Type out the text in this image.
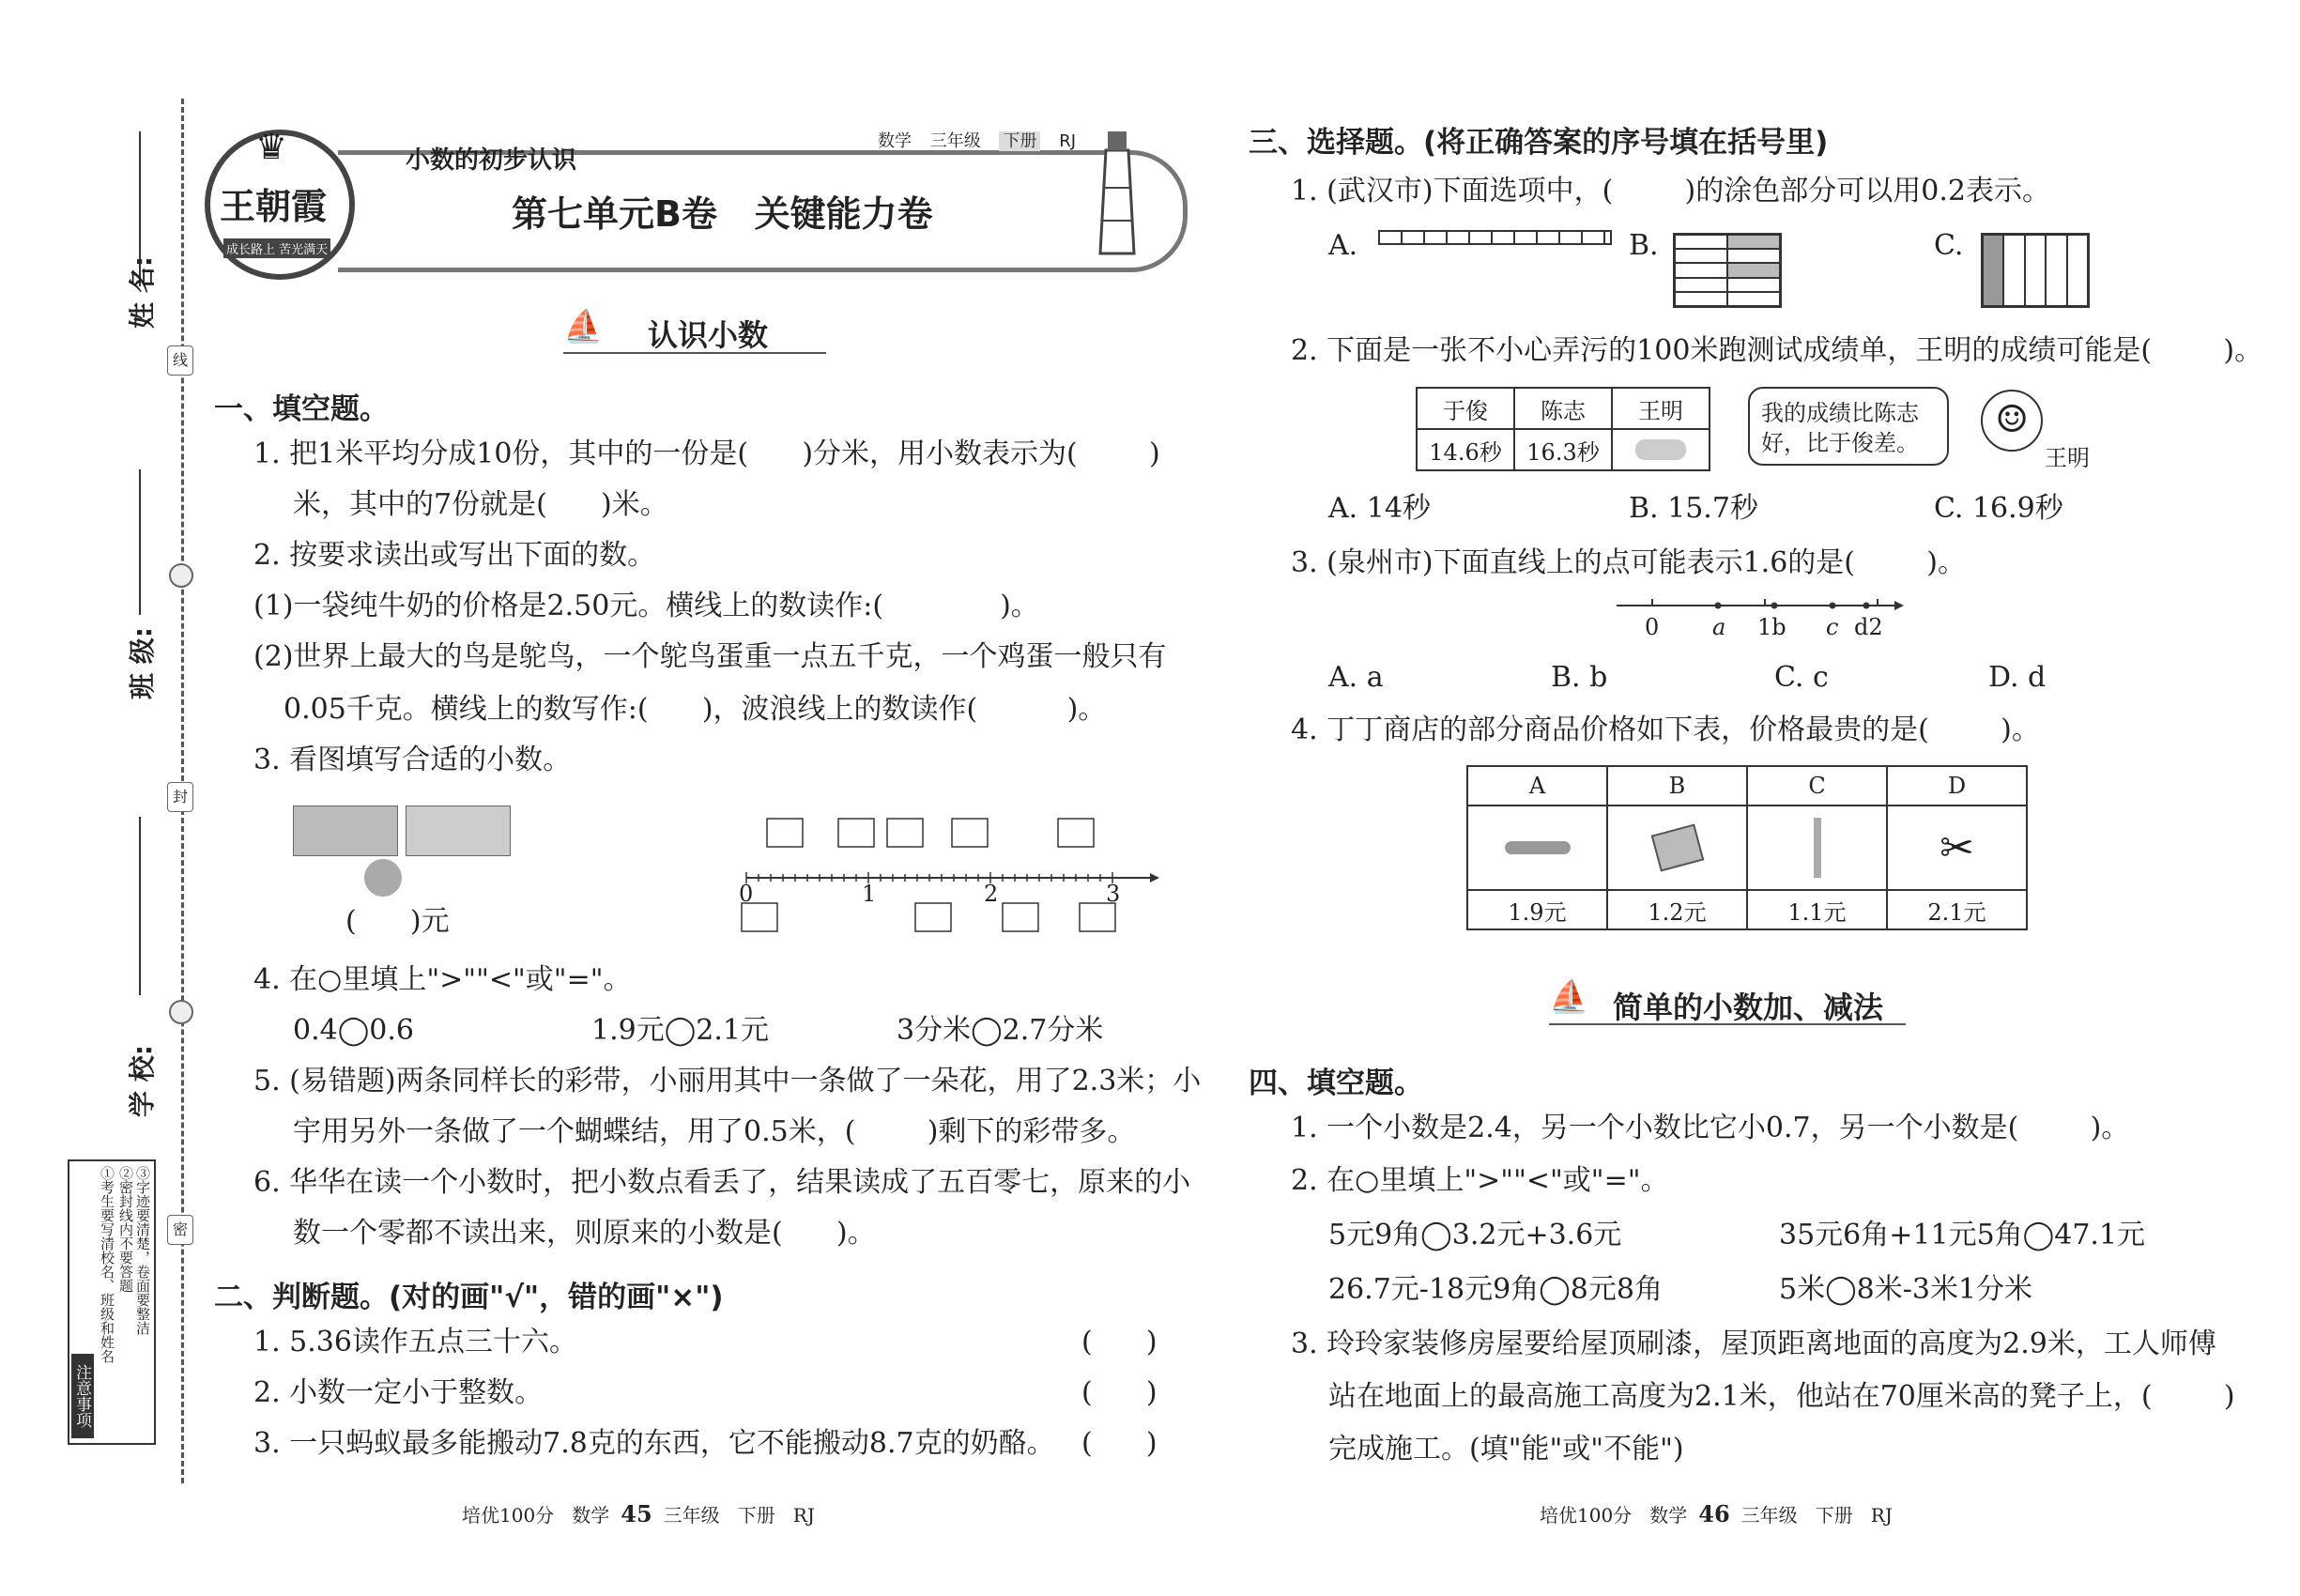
线
封
密
姓 名:
班 级:
学 校:
注意事项
①考生要写清校名、班级和姓名 ②密封线内不要答题 ③字迹要清楚，卷面要整洁
♛
王朝霞
成长路上 苦光满天
小数的初步认识
数学 三年级 下册 RJ
第七单元B卷   关键能力卷
⛵ 认识小数
一、填空题。
1. 把1米平均分成10份，其中的一份是(      )分米，用小数表示为(        )
米，其中的7份就是(      )米。
2. 按要求读出或写出下面的数。
(1)一袋纯牛奶的价格是2.50元。横线上的数读作:(             )。
(2)世界上最大的鸟是鸵鸟，一个鸵鸟蛋重一点五千克，一个鸡蛋一般只有
0.05千克。横线上的数写作:(      )，波浪线上的数读作(          )。
3. 看图填写合适的小数。
(      )元
0	1	2	3
4. 在○里填上">""<"或"="。
0.4◯0.6	1.9元◯2.1元	3分米◯2.7分米
5. (易错题)两条同样长的彩带，小丽用其中一条做了一朵花，用了2.3米；小
宇用另外一条做了一个蝴蝶结，用了0.5米，(        )剩下的彩带多。
6. 华华在读一个小数时，把小数点看丢了，结果读成了五百零七，原来的小
数一个零都不读出来，则原来的小数是(      )。
二、判断题。(对的画"√"，错的画"×")
1. 5.36读作五点三十六。	(      )
2. 小数一定小于整数。	(      )
3. 一只蚂蚁最多能搬动7.8克的东西，它不能搬动8.7克的奶酪。 (      )
培优100分   数学 45 三年级   下册   RJ
三、选择题。(将正确答案的序号填在括号里)
1. (武汉市)下面选项中，(        )的涂色部分可以用0.2表示。
A.	B.	C.
2. 下面是一张不小心弄污的100米跑测试成绩单，王明的成绩可能是(        )。
于俊	陈志	王明
14.6秒	16.3秒	
我的成绩比陈志
好，比于俊差。
☺
王明
A. 14秒	B. 15.7秒	C. 16.9秒
3. (泉州市)下面直线上的点可能表示1.6的是(        )。
0 a 1b c d2
A. a	B. b	C. c	D. d
4. 丁丁商店的部分商品价格如下表，价格最贵的是(        )。
A	B	C	D

	✂
1.9元	1.2元	1.1元	2.1元
⛵ 简单的小数加、减法
四、填空题。
1. 一个小数是2.4，另一个小数比它小0.7，另一个小数是(        )。
2. 在○里填上">""<"或"="。
5元9角◯3.2元+3.6元	35元6角+11元5角◯47.1元
26.7元-18元9角◯8元8角	5米◯8米-3米1分米
3. 玲玲家装修房屋要给屋顶刷漆，屋顶距离地面的高度为2.9米，工人师傅
站在地面上的最高施工高度为2.1米，他站在70厘米高的凳子上，(        )
完成施工。(填"能"或"不能")
培优100分   数学 46 三年级   下册   RJ
